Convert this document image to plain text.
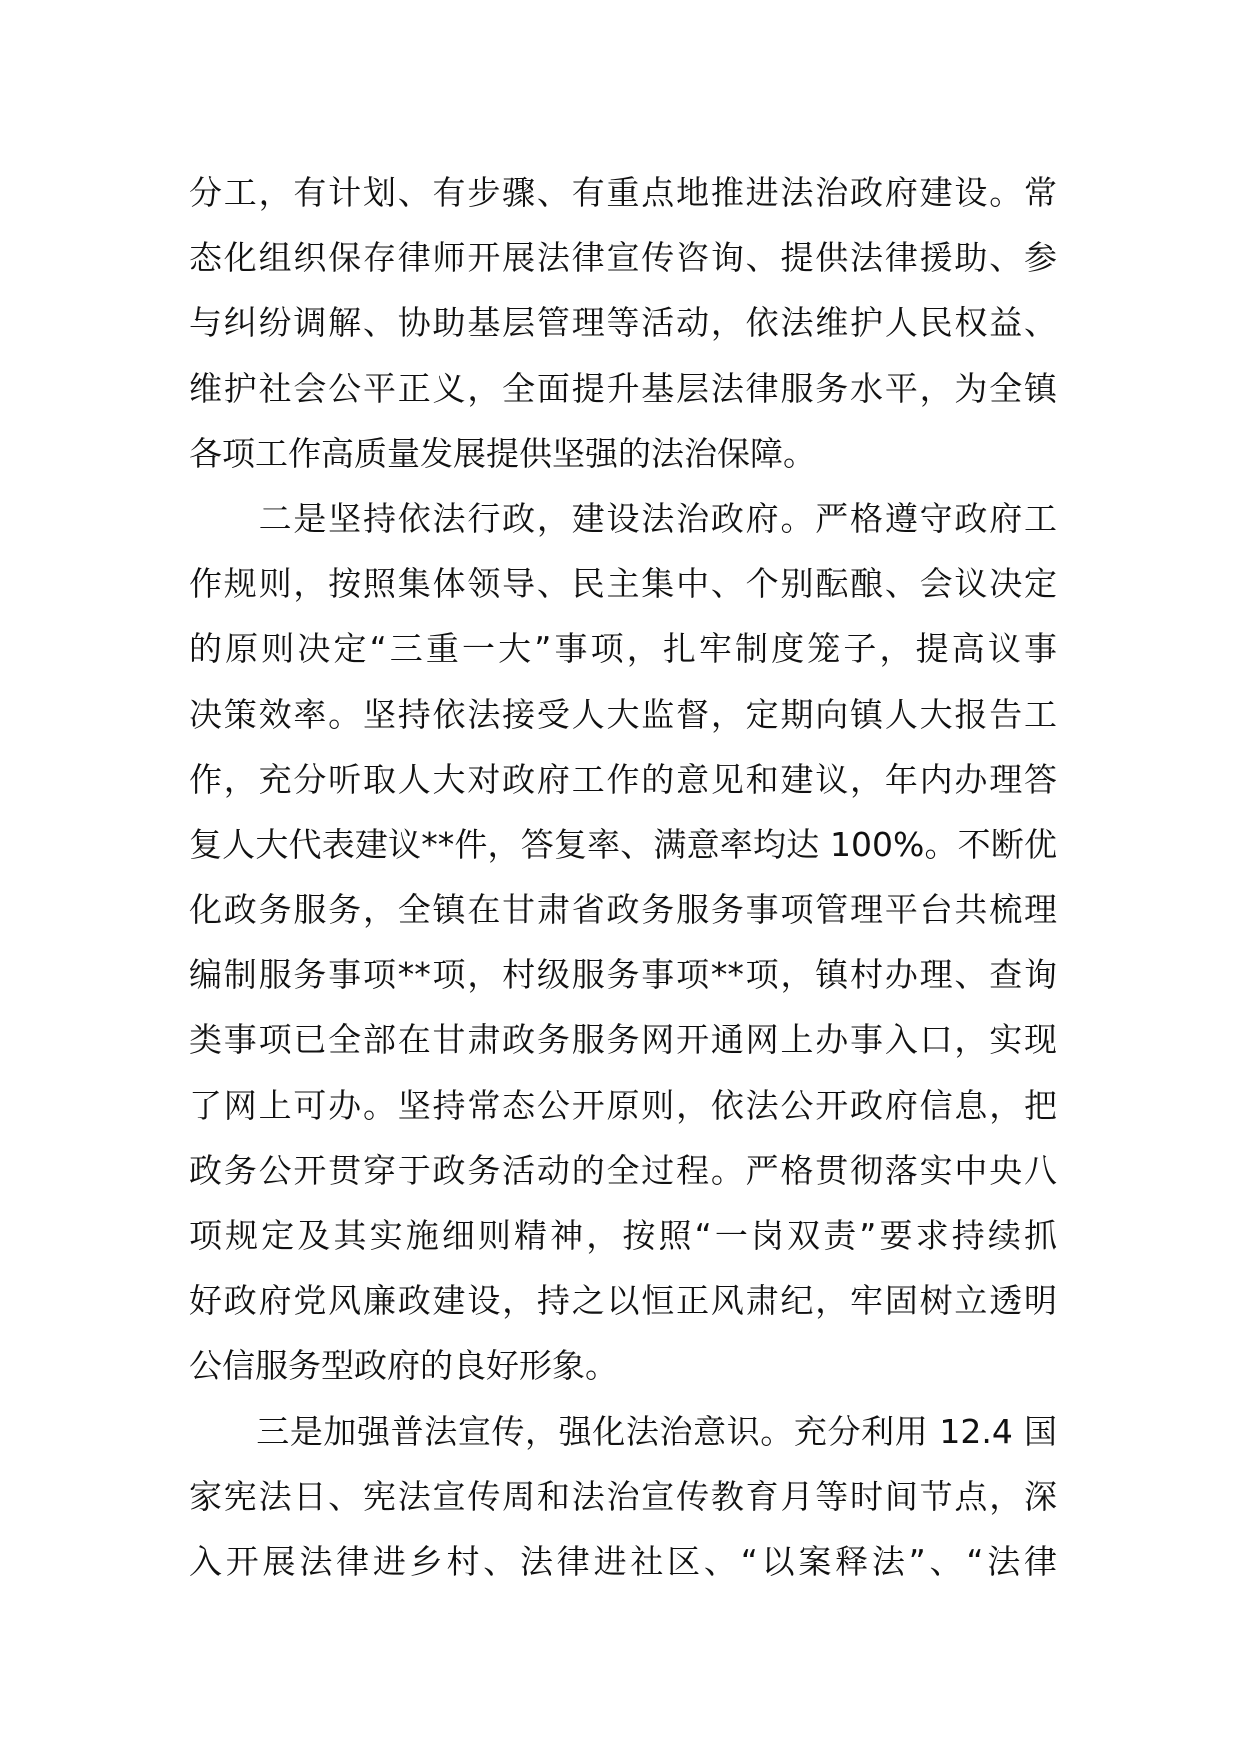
分工，有计划、有步骤、有重点地推进法治政府建设。常
态化组织保存律师开展法律宣传咨询、提供法律援助、参
与纠纷调解、协助基层管理等活动，依法维护人民权益、
维护社会公平正义，全面提升基层法律服务水平，为全镇
各项工作高质量发展提供坚强的法治保障。
　　二是坚持依法行政，建设法治政府。严格遵守政府工
作规则，按照集体领导、民主集中、个别酝酿、会议决定
的原则决定“三重一大”事项，扎牢制度笼子，提高议事
决策效率。坚持依法接受人大监督，定期向镇人大报告工
作，充分听取人大对政府工作的意见和建议，年内办理答
复人大代表建议**件，答复率、满意率均达 100%。不断优
化政务服务，全镇在甘肃省政务服务事项管理平台共梳理
编制服务事项**项，村级服务事项**项，镇村办理、查询
类事项已全部在甘肃政务服务网开通网上办事入口，实现
了网上可办。坚持常态公开原则，依法公开政府信息，把
政务公开贯穿于政务活动的全过程。严格贯彻落实中央八
项规定及其实施细则精神，按照“一岗双责”要求持续抓
好政府党风廉政建设，持之以恒正风肃纪，牢固树立透明
公信服务型政府的良好形象。
　　三是加强普法宣传，强化法治意识。充分利用 12.4 国
家宪法日、宪法宣传周和法治宣传教育月等时间节点，深
入开展法律进乡村、法律进社区、“以案释法”、“法律
